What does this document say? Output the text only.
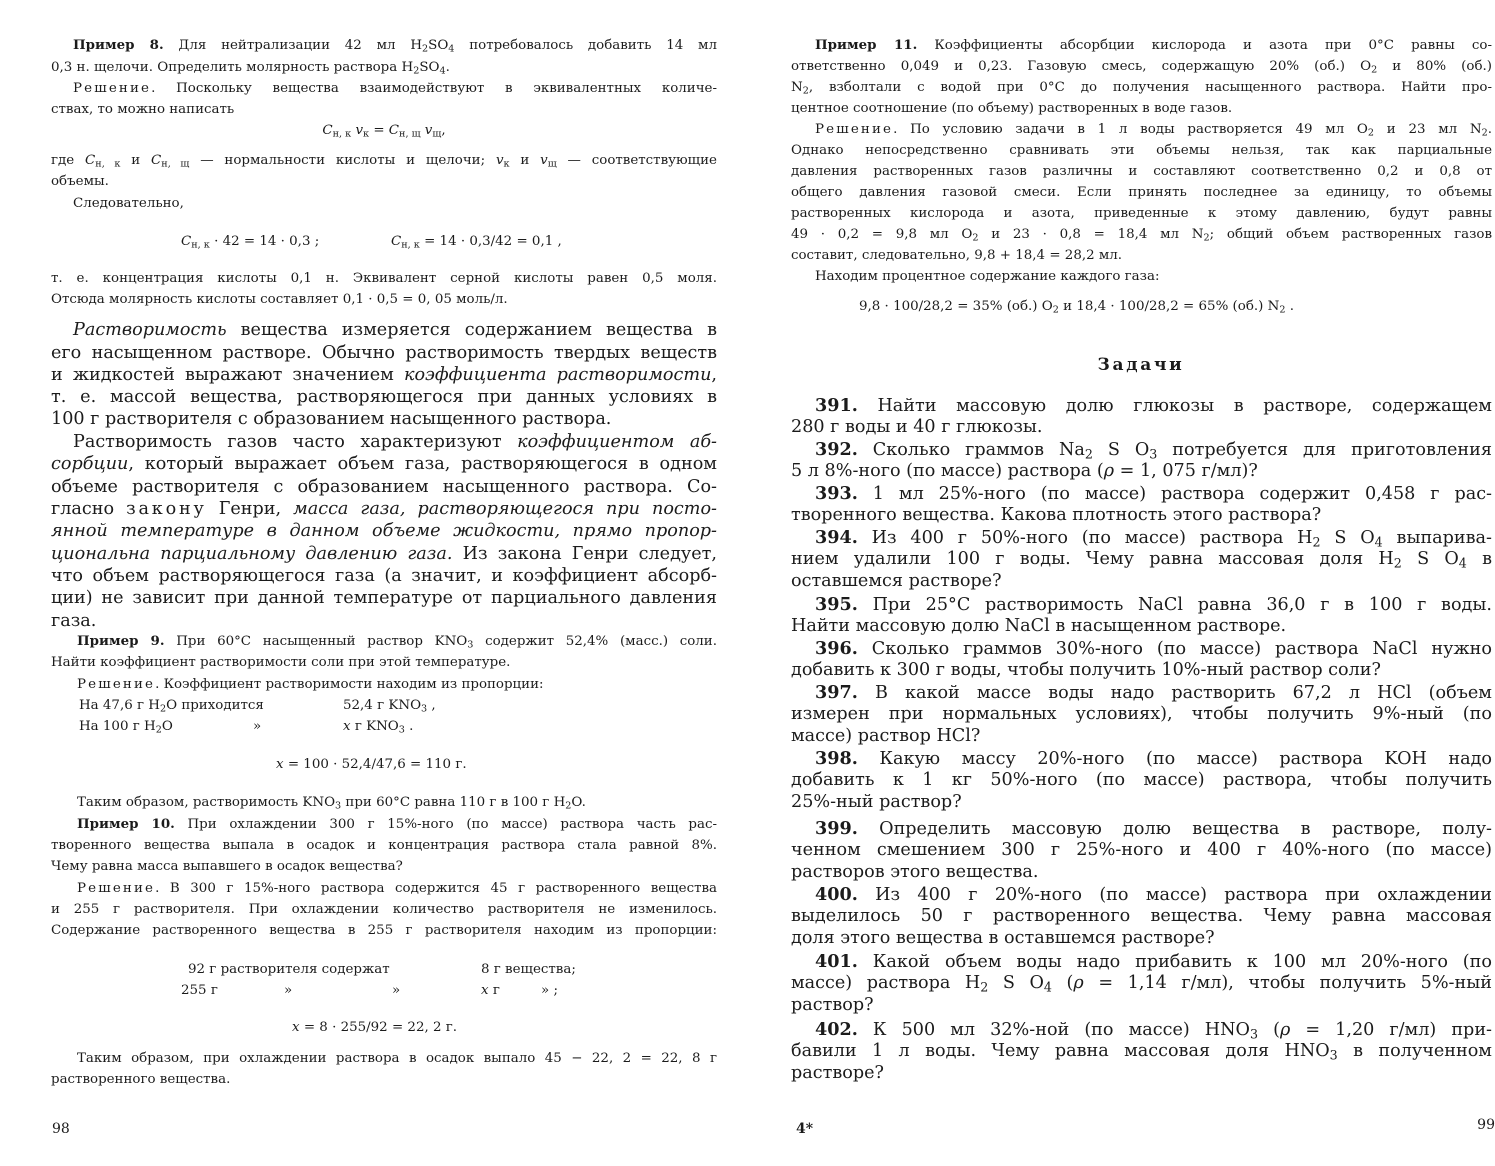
Пример 8. Для нейтрализации 42 мл $H_2SO_4$ потребовалось добавить 14 мл
0,3 н. щелочи. Определить молярность раствора $H_2SO_4$.
Решение. Поскольку вещества взаимодействуют в эквивалентных количе-
ствах, то можно написать
$C_{н, к}$ $v_к = C_{н, щ}$ $v_щ$,
где $C_{н, к}$ и $C_{н, щ}$ — нормальности кислоты и щелочи; $v_к$ и $v_щ$ — соответствующие
объемы.
Следовательно,
$C_{н, к} \cdot 42 = 14 \cdot 0,3$ ;	$C_{н, к} = 14 \cdot 0,3/42 = 0,1$ ,
т. е. концентрация кислоты 0,1 н. Эквивалент серной кислоты равен 0,5 моля.
Отсюда молярность кислоты составляет 0,1 · 0,5 = 0, 05 моль/л.
Растворимость вещества измеряется содержанием вещества в
его насыщенном растворе. Обычно растворимость твердых веществ
и жидкостей выражают значением коэффициента растворимости,
т. е. массой вещества, растворяющегося при данных условиях в
100 г растворителя с образованием насыщенного раствора.
Растворимость газов часто характеризуют коэффициентом аб-
сорбции, который выражает объем газа, растворяющегося в одном
объеме растворителя с образованием насыщенного раствора. Со-
гласно закону Генри, масса газа, растворяющегося при посто-
янной температуре в данном объеме жидкости, прямо пропор-
циональна парциальному давлению газа. Из закона Генри следует,
что объем растворяющегося газа (а значит, и коэффициент абсорб-
ции) не зависит при данной температуре от парциального давления
газа.
Пример 9. При 60°C насыщенный раствор $KNO_3$ содержит 52,4% (масс.) соли.
Найти коэффициент растворимости соли при этой температуре.
Решение. Коэффициент растворимости находим из пропорции:
На 47,6 г $H_2O$ приходится	52,4 г $KNO_3$ ,
На 100 г $H_2O$	»	x г $KNO_3$ .
x = 100 · 52,4/47,6 = 110 г.
Таким образом, растворимость $KNO_3$ при 60°C равна 110 г в 100 г $H_2O$.
Пример 10. При охлаждении 300 г 15%-ного (по массе) раствора часть рас-
творенного вещества выпала в осадок и концентрация раствора стала равной 8%.
Чему равна масса выпавшего в осадок вещества?
Решение. В 300 г 15%-ного раствора содержится 45 г растворенного вещества
и 255 г растворителя. При охлаждении количество растворителя не изменилось.
Содержание растворенного вещества в 255 г растворителя находим из пропорции:
92 г растворителя содержат	8 г вещества;
255 г	»	»	x г	» ;
x = 8 · 255/92 = 22, 2 г.
Таким образом, при охлаждении раствора в осадок выпало 45 − 22, 2 = 22, 8 г
растворенного вещества.
98
Пример 11. Коэффициенты абсорбции кислорода и азота при 0°C равны со-
ответственно 0,049 и 0,23. Газовую смесь, содержащую 20% (об.) $O_2$ и 80% (об.)
$N_2$, взболтали с водой при 0°C до получения насыщенного раствора. Найти про-
центное соотношение (по объему) растворенных в воде газов.
Решение. По условию задачи в 1 л воды растворяется 49 мл $O_2$ и 23 мл $N_2$.
Однако непосредственно сравнивать эти объемы нельзя, так как парциальные
давления растворенных газов различны и составляют соответственно 0,2 и 0,8 от
общего давления газовой смеси. Если принять последнее за единицу, то объемы
растворенных кислорода и азота, приведенные к этому давлению, будут равны
49 · 0,2 = 9,8 мл $O_2$ и 23 · 0,8 = 18,4 мл $N_2$; общий объем растворенных газов
составит, следовательно, 9,8 + 18,4 = 28,2 мл.
Находим процентное содержание каждого газа:
9,8 · 100/28,2 = 35% (об.) $O_2$ и 18,4 · 100/28,2 = 65% (об.) $N_2$ .
Задачи
391. Найти массовую долю глюкозы в растворе, содержащем
280 г воды и 40 г глюкозы.
392. Сколько граммов $Na_2$ S $O_3$ потребуется для приготовления
5 л 8%-ного (по массе) раствора (ρ = 1, 075 г/мл)?
393. 1 мл 25%-ного (по массе) раствора содержит 0,458 г рас-
творенного вещества. Какова плотность этого раствора?
394. Из 400 г 50%-ного (по массе) раствора $H_2$ S $O_4$ выпарива-
нием удалили 100 г воды. Чему равна массовая доля $H_2$ S $O_4$ в
оставшемся растворе?
395. При 25°C растворимость NaCl равна 36,0 г в 100 г воды.
Найти массовую долю NaCl в насыщенном растворе.
396. Сколько граммов 30%-ного (по массе) раствора NaCl нужно
добавить к 300 г воды, чтобы получить 10%-ный раствор соли?
397. В какой массе воды надо растворить 67,2 л HCl (объем
измерен при нормальных условиях), чтобы получить 9%-ный (по
массе) раствор HCl?
398. Какую массу 20%-ного (по массе) раствора KOH надо
добавить к 1 кг 50%-ного (по массе) раствора, чтобы получить
25%-ный раствор?
399. Определить массовую долю вещества в растворе, полу-
ченном смешением 300 г 25%-ного и 400 г 40%-ного (по массе)
растворов этого вещества.
400. Из 400 г 20%-ного (по массе) раствора при охлаждении
выделилось 50 г растворенного вещества. Чему равна массовая
доля этого вещества в оставшемся растворе?
401. Какой объем воды надо прибавить к 100 мл 20%-ного (по
массе) раствора $H_2$ S $O_4$ (ρ = 1,14 г/мл), чтобы получить 5%-ный
раствор?
402. К 500 мл 32%-ной (по массе) $HNO_3$ (ρ = 1,20 г/мл) при-
бавили 1 л воды. Чему равна массовая доля $HNO_3$ в полученном
растворе?
4*	99
